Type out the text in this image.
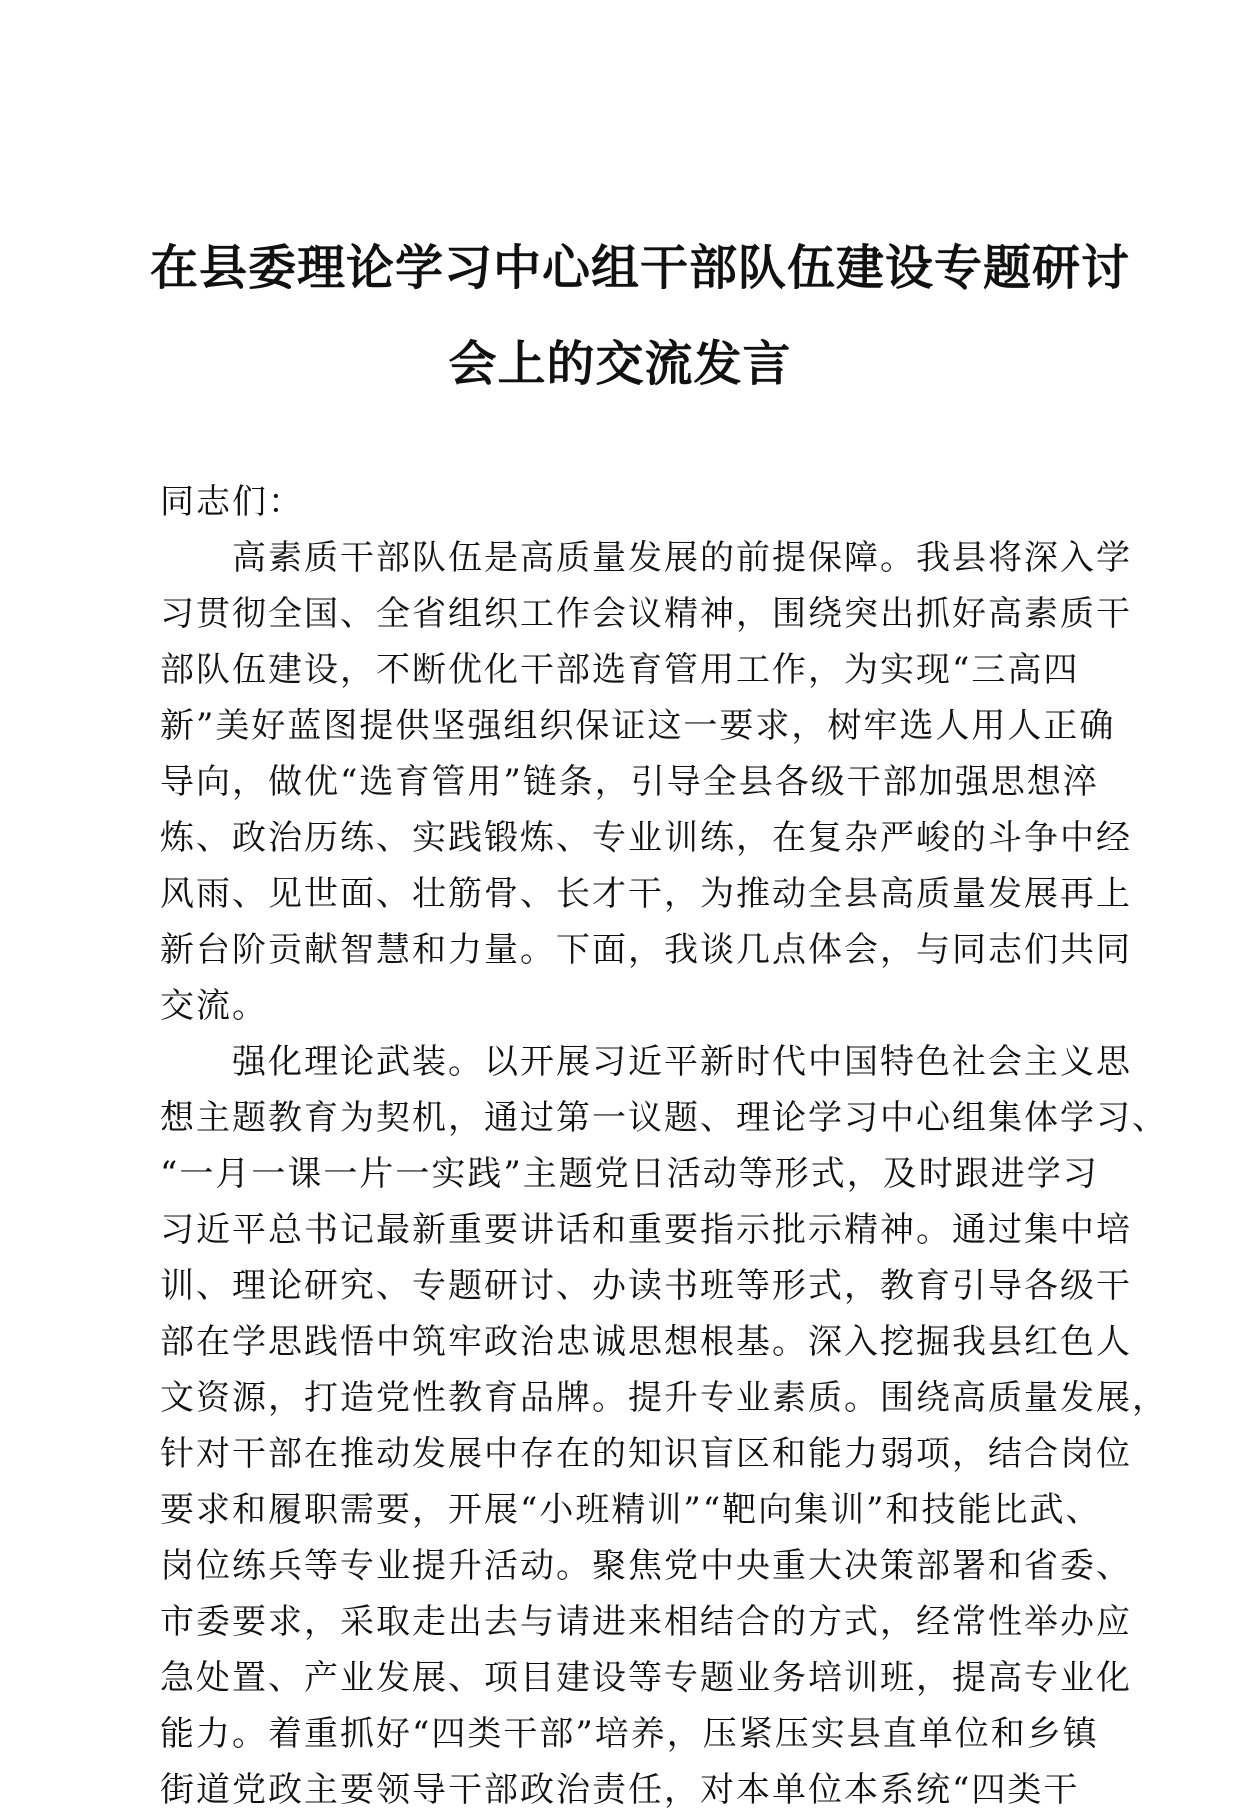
在县委理论学习中心组干部队伍建设专题研讨
会上的交流发言
同志们：
　　高素质干部队伍是高质量发展的前提保障。我县将深入学
习贯彻全国、全省组织工作会议精神，围绕突出抓好高素质干
部队伍建设，不断优化干部选育管用工作，为实现“三高四
新”美好蓝图提供坚强组织保证这一要求，树牢选人用人正确
导向，做优“选育管用”链条，引导全县各级干部加强思想淬
炼、政治历练、实践锻炼、专业训练，在复杂严峻的斗争中经
风雨、见世面、壮筋骨、长才干，为推动全县高质量发展再上
新台阶贡献智慧和力量。下面，我谈几点体会，与同志们共同
交流。
　　强化理论武装。以开展习近平新时代中国特色社会主义思
想主题教育为契机，通过第一议题、理论学习中心组集体学习、
“一月一课一片一实践”主题党日活动等形式，及时跟进学习
习近平总书记最新重要讲话和重要指示批示精神。通过集中培
训、理论研究、专题研讨、办读书班等形式，教育引导各级干
部在学思践悟中筑牢政治忠诚思想根基。深入挖掘我县红色人
文资源，打造党性教育品牌。提升专业素质。围绕高质量发展，
针对干部在推动发展中存在的知识盲区和能力弱项，结合岗位
要求和履职需要，开展“小班精训”“靶向集训”和技能比武、
岗位练兵等专业提升活动。聚焦党中央重大决策部署和省委、
市委要求，采取走出去与请进来相结合的方式，经常性举办应
急处置、产业发展、项目建设等专题业务培训班，提高专业化
能力。着重抓好“四类干部”培养，压紧压实县直单位和乡镇
街道党政主要领导干部政治责任，对本单位本系统“四类干
